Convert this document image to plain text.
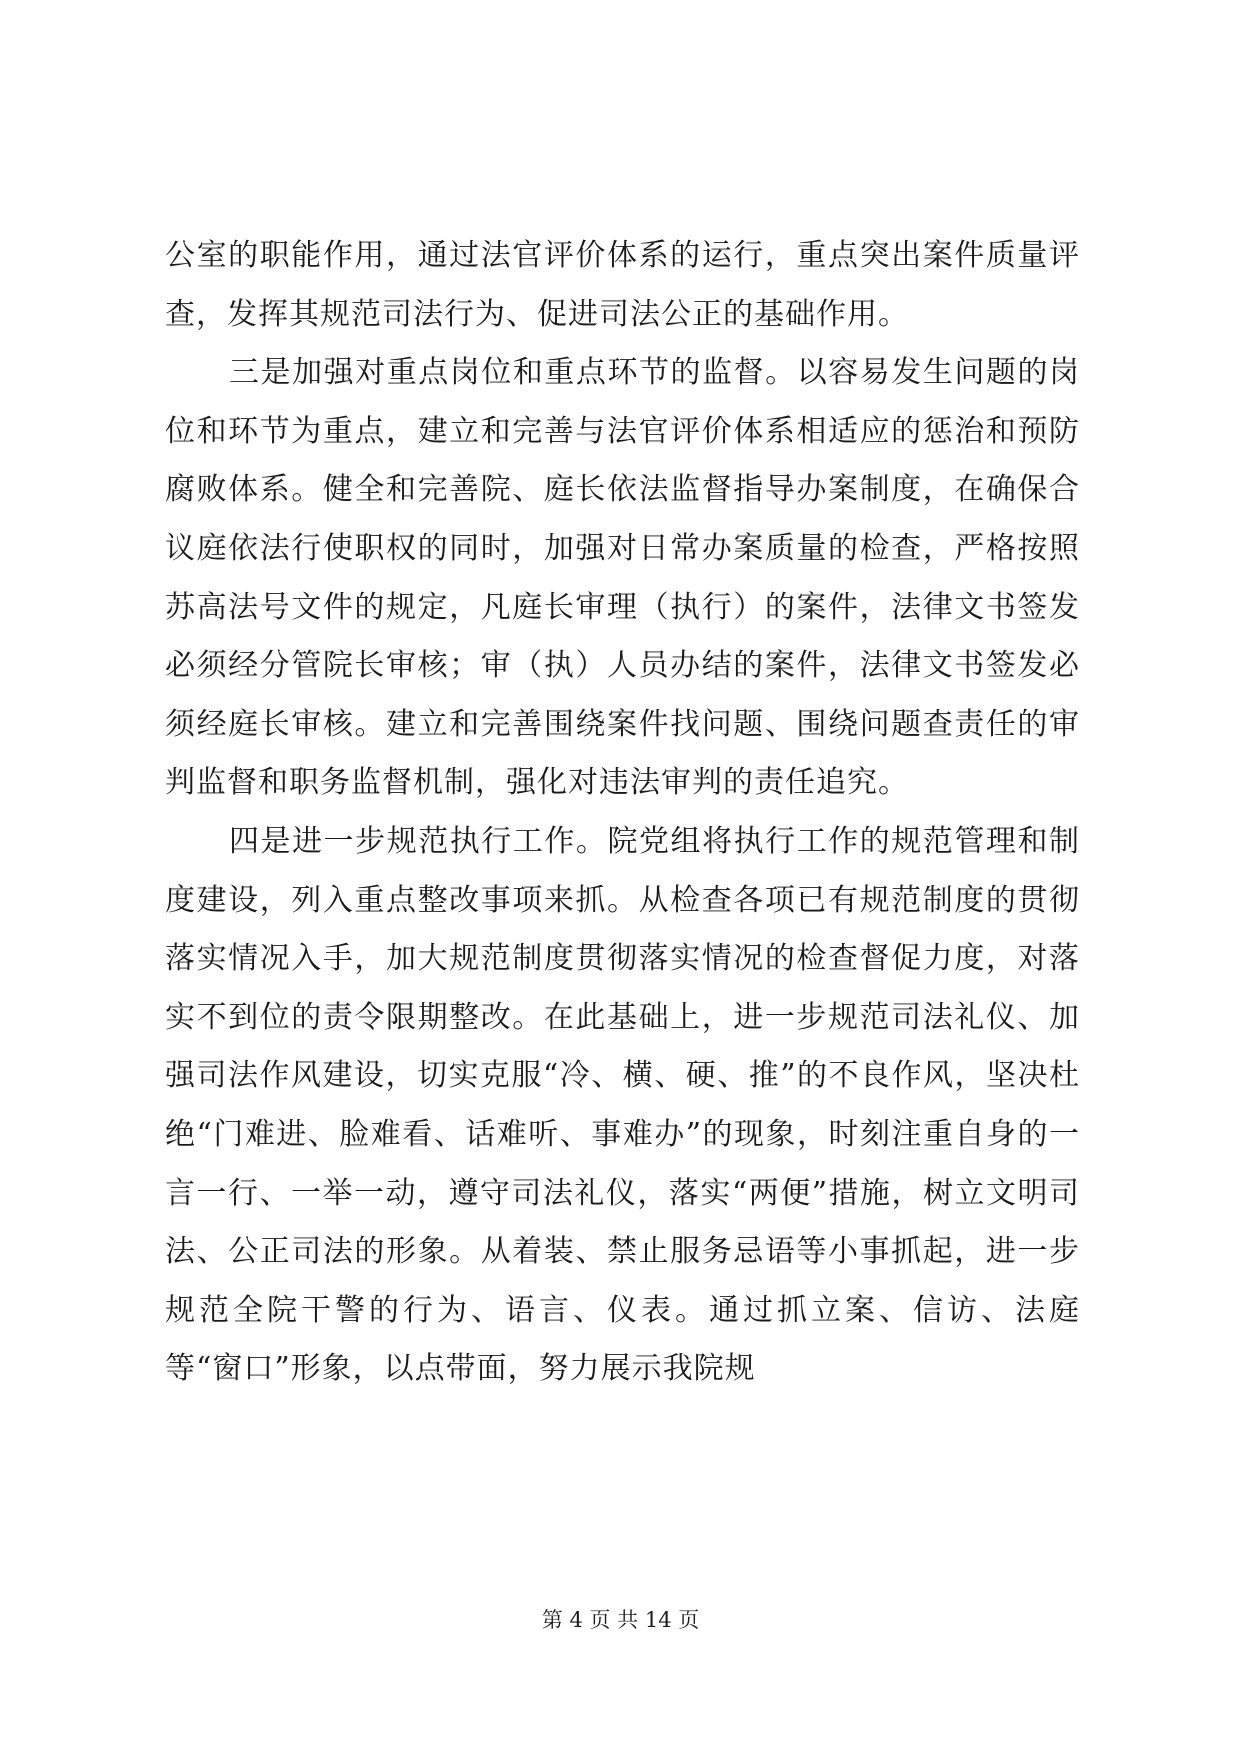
公室的职能作用，通过法官评价体系的运行，重点突出案件质量评查，发挥其规范司法行为、促进司法公正的基础作用。

三是加强对重点岗位和重点环节的监督。以容易发生问题的岗位和环节为重点，建立和完善与法官评价体系相适应的惩治和预防腐败体系。健全和完善院、庭长依法监督指导办案制度，在确保合议庭依法行使职权的同时，加强对日常办案质量的检查，严格按照苏高法号文件的规定，凡庭长审理（执行）的案件，法律文书签发必须经分管院长审核；审（执）人员办结的案件，法律文书签发必须经庭长审核。建立和完善围绕案件找问题、围绕问题查责任的审判监督和职务监督机制，强化对违法审判的责任追究。

四是进一步规范执行工作。院党组将执行工作的规范管理和制度建设，列入重点整改事项来抓。从检查各项已有规范制度的贯彻落实情况入手，加大规范制度贯彻落实情况的检查督促力度，对落实不到位的责令限期整改。在此基础上，进一步规范司法礼仪、加强司法作风建设，切实克服“冷、横、硬、推”的不良作风，坚决杜绝“门难进、脸难看、话难听、事难办”的现象，时刻注重自身的一言一行、一举一动，遵守司法礼仪，落实“两便”措施，树立文明司法、公正司法的形象。从着装、禁止服务忌语等小事抓起，进一步规范全院干警的行为、语言、仪表。通过抓立案、信访、法庭等“窗口”形象，以点带面，努力展示我院规

第 4 页 共 14 页
